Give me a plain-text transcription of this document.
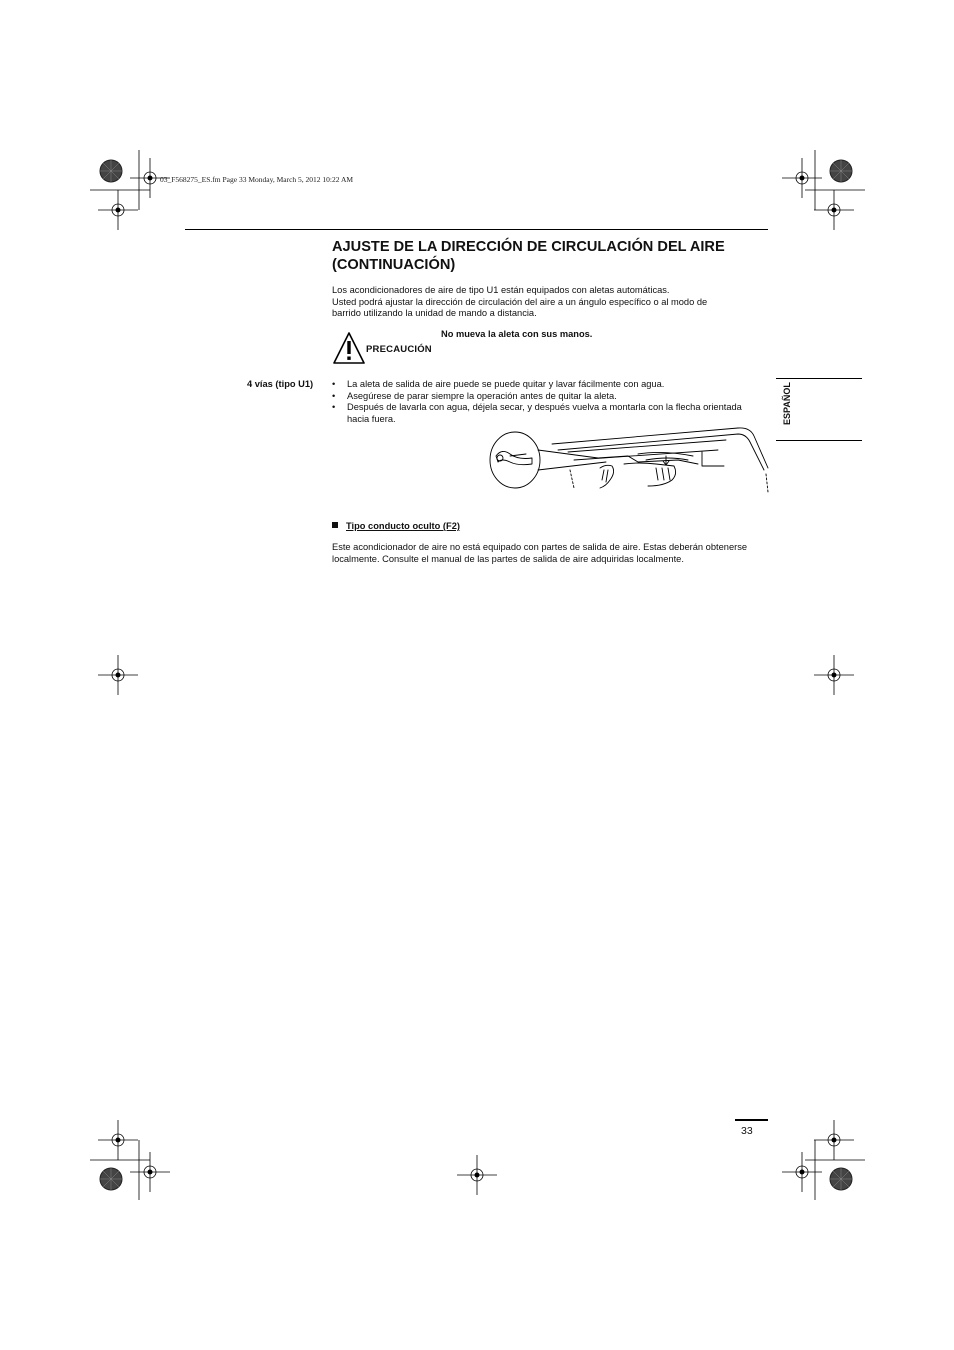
03_F568275_ES.fm Page 33 Monday, March 5, 2012 10:22 AM
AJUSTE DE LA DIRECCIÓN DE CIRCULACIÓN DEL AIRE
(CONTINUACIÓN)
Los acondicionadores de aire de tipo U1 están equipados con aletas automáticas.
Usted podrá ajustar la dirección de circulación del aire a un ángulo específico o al modo de
barrido utilizando la unidad de mando a distancia.
PRECAUCIÓN
No mueva la aleta con sus manos.
4 vías (tipo U1) • La aleta de salida de aire puede se puede quitar y lavar fácilmente con agua.
• Asegúrese de parar siempre la operación antes de quitar la aleta.
• Después de lavarla con agua, déjela secar, y después vuelva a montarla con la flecha orientada hacia fuera.
Tipo conducto oculto (F2)
Este acondicionador de aire no está equipado con partes de salida de aire. Estas deberán obtenerse localmente. Consulte el manual de las partes de salida de aire adquiridas localmente.
ESPAÑOL
33
